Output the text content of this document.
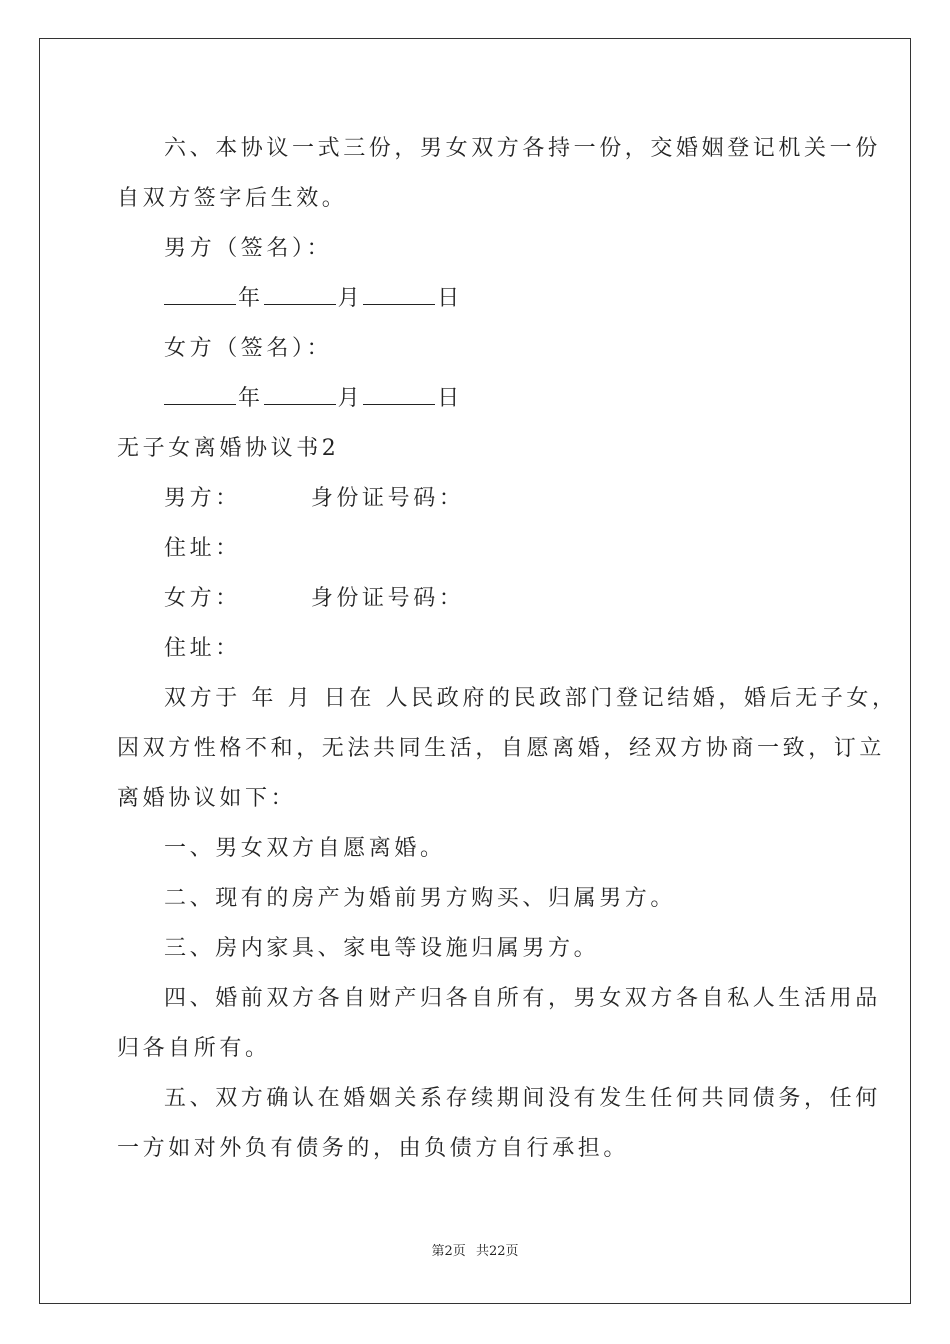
六、本协议一式三份，男女双方各持一份，交婚姻登记机关一份
自双方签字后生效。
男方（签名）：
年	月	日
女方（签名）：
年	月	日
无子女离婚协议书2
男方：	身份证号码：
住址：
女方：	身份证号码：
住址：
双方于 年 月 日在 人民政府的民政部门登记结婚，婚后无子女，
因双方性格不和，无法共同生活，自愿离婚，经双方协商一致，订立
离婚协议如下：
一、男女双方自愿离婚。
二、现有的房产为婚前男方购买、归属男方。
三、房内家具、家电等设施归属男方。
四、婚前双方各自财产归各自所有，男女双方各自私人生活用品
归各自所有。
五、双方确认在婚姻关系存续期间没有发生任何共同债务，任何
一方如对外负有债务的，由负债方自行承担。
第2页 共22页
